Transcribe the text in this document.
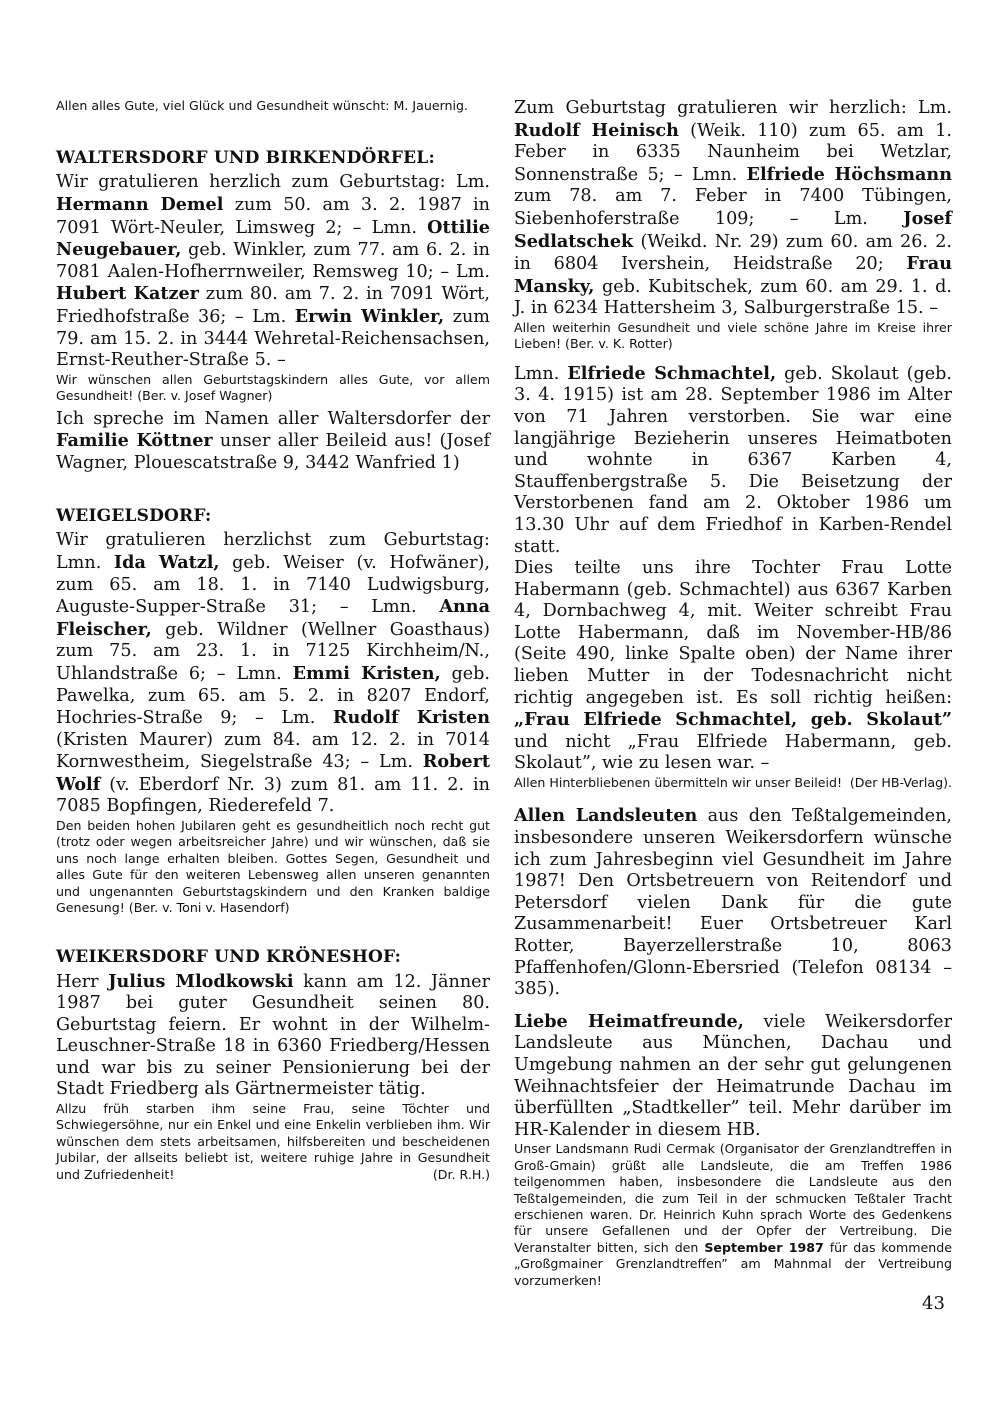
Allen alles Gute, viel Glück und Gesundheit wünscht: M. Jauernig.

WALTERSDORF UND BIRKENDÖRFEL:

Wir gratulieren herzlich zum Geburtstag: Lm. Hermann Demel zum 50. am 3. 2. 1987 in 7091 Wört-Neuler, Limsweg 2; – Lmn. Ottilie Neugebauer, geb. Winkler, zum 77. am 6. 2. in 7081 Aalen-Hofherrnweiler, Remsweg 10; – Lm. Hubert Katzer zum 80. am 7. 2. in 7091 Wört, Friedhofstraße 36; – Lm. Erwin Winkler, zum 79. am 15. 2. in 3444 Wehretal-Reichensachsen, Ernst-Reuther-Straße 5. –

Wir wünschen allen Geburtstagskindern alles Gute, vor allem Gesundheit! (Ber. v. Josef Wagner)

Ich spreche im Namen aller Waltersdorfer der Familie Köttner unser aller Beileid aus! (Josef Wagner, Plouescatstraße 9, 3442 Wanfried 1)

WEIGELSDORF:

Wir gratulieren herzlichst zum Geburtstag: Lmn. Ida Watzl, geb. Weiser (v. Hofwäner), zum 65. am 18. 1. in 7140 Ludwigsburg, Auguste-Supper-Straße 31; – Lmn. Anna Fleischer, geb. Wildner (Wellner Goasthaus) zum 75. am 23. 1. in 7125 Kirchheim/N., Uhlandstraße 6; – Lmn. Emmi Kristen, geb. Pawelka, zum 65. am 5. 2. in 8207 Endorf, Hochries-Straße 9; – Lm. Rudolf Kristen (Kristen Maurer) zum 84. am 12. 2. in 7014 Kornwestheim, Siegelstraße 43; – Lm. Robert Wolf (v. Eberdorf Nr. 3) zum 81. am 11. 2. in 7085 Bopfingen, Riederefeld 7.

Den beiden hohen Jubilaren geht es gesundheitlich noch recht gut (trotz oder wegen arbeitsreicher Jahre) und wir wünschen, daß sie uns noch lange erhalten bleiben. Gottes Segen, Gesundheit und alles Gute für den weiteren Lebensweg allen unseren genannten und ungenannten Geburtstagskindern und den Kranken baldige Genesung! (Ber. v. Toni v. Hasendorf)

WEIKERSDORF UND KRÖNESHOF:

Herr Julius Mlodkowski kann am 12. Jänner 1987 bei guter Gesundheit seinen 80. Geburtstag feiern. Er wohnt in der Wilhelm-Leuschner-Straße 18 in 6360 Friedberg/Hessen und war bis zu seiner Pensionierung bei der Stadt Friedberg als Gärtnermeister tätig.

Allzu früh starben ihm seine Frau, seine Töchter und Schwiegersöhne, nur ein Enkel und eine Enkelin verblieben ihm. Wir wünschen dem stets arbeitsamen, hilfsbereiten und bescheidenen Jubilar, der allseits beliebt ist, weitere ruhige Jahre in Gesundheit und Zufriedenheit!	(Dr. R.H.)

Zum Geburtstag gratulieren wir herzlich: Lm. Rudolf Heinisch (Weik. 110) zum 65. am 1. Feber in 6335 Naunheim bei Wetzlar, Sonnenstraße 5; – Lmn. Elfriede Höchsmann zum 78. am 7. Feber in 7400 Tübingen, Siebenhoferstraße 109; – Lm. Josef Sedlatschek (Weikd. Nr. 29) zum 60. am 26. 2. in 6804 Ivershein, Heidstraße 20; Frau Mansky, geb. Kubitschek, zum 60. am 29. 1. d. J. in 6234 Hattersheim 3, Salburgerstraße 15. –

Allen weiterhin Gesundheit und viele schöne Jahre im Kreise ihrer Lieben! (Ber. v. K. Rotter)

Lmn. Elfriede Schmachtel, geb. Skolaut (geb. 3. 4. 1915) ist am 28. September 1986 im Alter von 71 Jahren verstorben. Sie war eine langjährige Bezieherin unseres Heimatboten und wohnte in 6367 Karben 4, Stauffenbergstraße 5. Die Beisetzung der Verstorbenen fand am 2. Oktober 1986 um 13.30 Uhr auf dem Friedhof in Karben-Rendel statt.

Dies teilte uns ihre Tochter Frau Lotte Habermann (geb. Schmachtel) aus 6367 Karben 4, Dornbachweg 4, mit. Weiter schreibt Frau Lotte Habermann, daß im November-HB/86 (Seite 490, linke Spalte oben) der Name ihrer lieben Mutter in der Todesnachricht nicht richtig angegeben ist. Es soll richtig heißen: „Frau Elfriede Schmachtel, geb. Skolaut” und nicht „Frau Elfriede Habermann, geb. Skolaut”, wie zu lesen war. –

Allen Hinterbliebenen übermitteln wir unser Beileid! (Der HB-Verlag).

Allen Landsleuten aus den Teßtalgemeinden, insbesondere unseren Weikersdorfern wünsche ich zum Jahresbeginn viel Gesundheit im Jahre 1987! Den Ortsbetreuern von Reitendorf und Petersdorf vielen Dank für die gute Zusammenarbeit! Euer Ortsbetreuer Karl Rotter, Bayerzellerstraße 10, 8063 Pfaffenhofen/Glonn-Ebersried (Telefon 08134 – 385).

Liebe Heimatfreunde, viele Weikersdorfer Landsleute aus München, Dachau und Umgebung nahmen an der sehr gut gelungenen Weihnachtsfeier der Heimatrunde Dachau im überfüllten „Stadtkeller” teil. Mehr darüber im HR-Kalender in diesem HB.

Unser Landsmann Rudi Cermak (Organisator der Grenzlandtreffen in Groß-Gmain) grüßt alle Landsleute, die am Treffen 1986 teilgenommen haben, insbesondere die Landsleute aus den Teßtalgemeinden, die zum Teil in der schmucken Teßtaler Tracht erschienen waren. Dr. Heinrich Kuhn sprach Worte des Gedenkens für unsere Gefallenen und der Opfer der Vertreibung. Die Veranstalter bitten, sich den September 1987 für das kommende „Großgmainer Grenzlandtreffen” am Mahnmal der Vertreibung vorzumerken!

43
